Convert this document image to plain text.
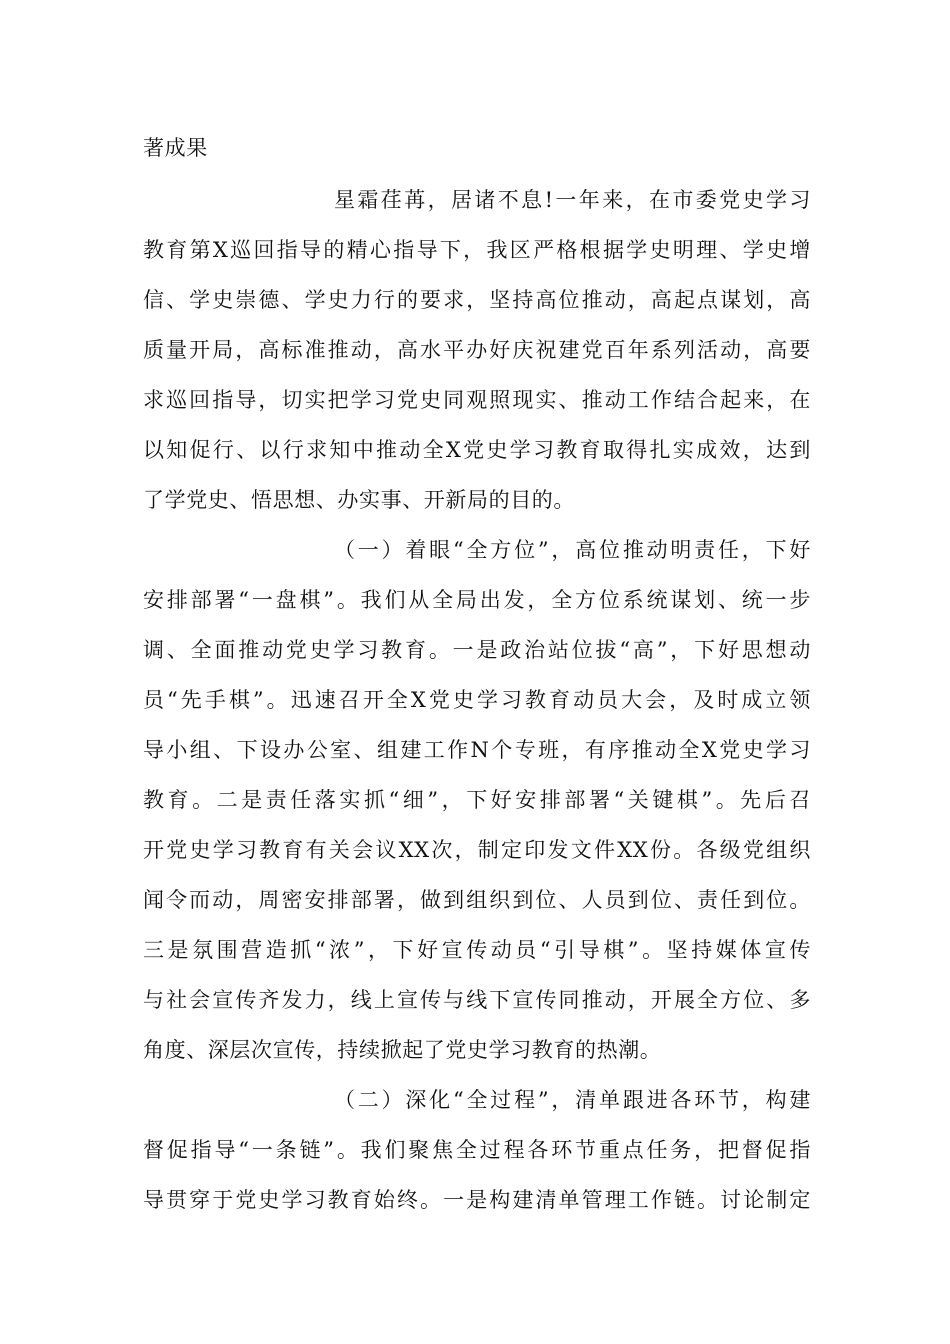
著成果
星霜荏苒，居诸不息!一年来，在市委党史学习
教育第X巡回指导的精心指导下，我区严格根据学史明理、学史增
信、学史崇德、学史力行的要求，坚持高位推动，高起点谋划，高
质量开局，高标准推动，高水平办好庆祝建党百年系列活动，高要
求巡回指导，切实把学习党史同观照现实、推动工作结合起来，在
以知促行、以行求知中推动全X党史学习教育取得扎实成效，达到
了学党史、悟思想、办实事、开新局的目的。
（一）着眼“全方位”，高位推动明责任，下好
安排部署“一盘棋”。我们从全局出发，全方位系统谋划、统一步
调、全面推动党史学习教育。一是政治站位拔“高”，下好思想动
员“先手棋”。迅速召开全X党史学习教育动员大会，及时成立领
导小组、下设办公室、组建工作N个专班，有序推动全X党史学习
教育。二是责任落实抓“细”，下好安排部署“关键棋”。先后召
开党史学习教育有关会议XX次，制定印发文件XX份。各级党组织
闻令而动，周密安排部署，做到组织到位、人员到位、责任到位。
三是氛围营造抓“浓”，下好宣传动员“引导棋”。坚持媒体宣传
与社会宣传齐发力，线上宣传与线下宣传同推动，开展全方位、多
角度、深层次宣传，持续掀起了党史学习教育的热潮。
（二）深化“全过程”，清单跟进各环节，构建
督促指导“一条链”。我们聚焦全过程各环节重点任务，把督促指
导贯穿于党史学习教育始终。一是构建清单管理工作链。讨论制定
